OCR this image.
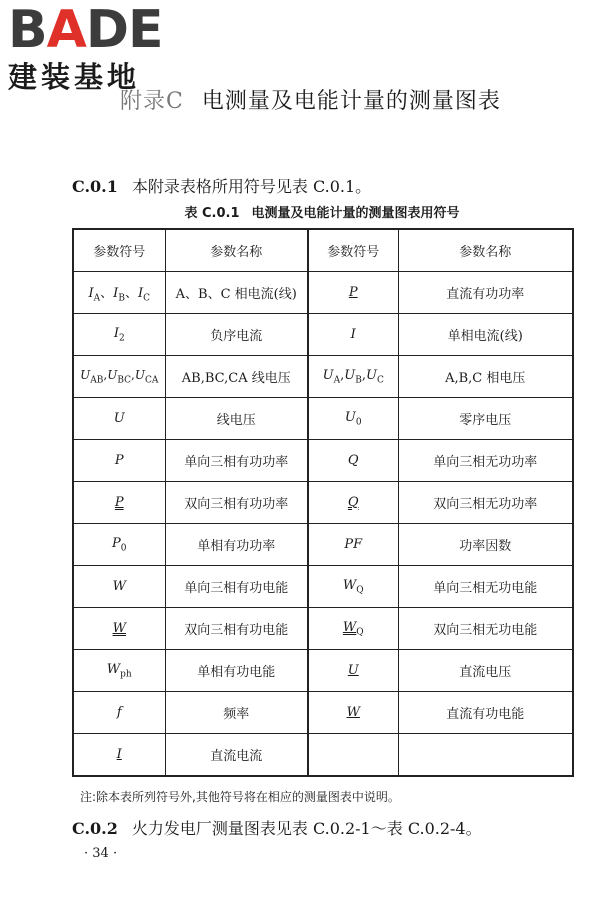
BADE
建装基地
附录C 电测量及电能计量的测量图表
C.0.1 本附录表格所用符号见表 C.0.1。
表 C.0.1 电测量及电能计量的测量图表用符号
参数符号	参数名称	参数符号	参数名称
$I_A$、$I_B$、$I_C$	A、B、C 相电流(线)	P	直流有功功率
$I_2$	负序电流	I	单相电流(线)
$U_{AB},U_{BC},U_{CA}$	AB,BC,CA 线电压	$U_A,U_B,U_C$	A,B,C 相电压
U	线电压	$U_0$	零序电压
P	单向三相有功功率	Q	单向三相无功功率
P	双向三相有功功率	Q	双向三相无功功率
$P_0$	单相有功功率	PF	功率因数
W	单向三相有功电能	$W_Q$	单向三相无功电能
W	双向三相有功电能	$W_Q$	双向三相无功电能
$W_{ph}$	单相有功电能	U	直流电压
f	频率	W	直流有功电能
I	直流电流		
注:除本表所列符号外,其他符号将在相应的测量图表中说明。
C.0.2 火力发电厂测量图表见表 C.0.2-1～表 C.0.2-4。
· 34 ·
